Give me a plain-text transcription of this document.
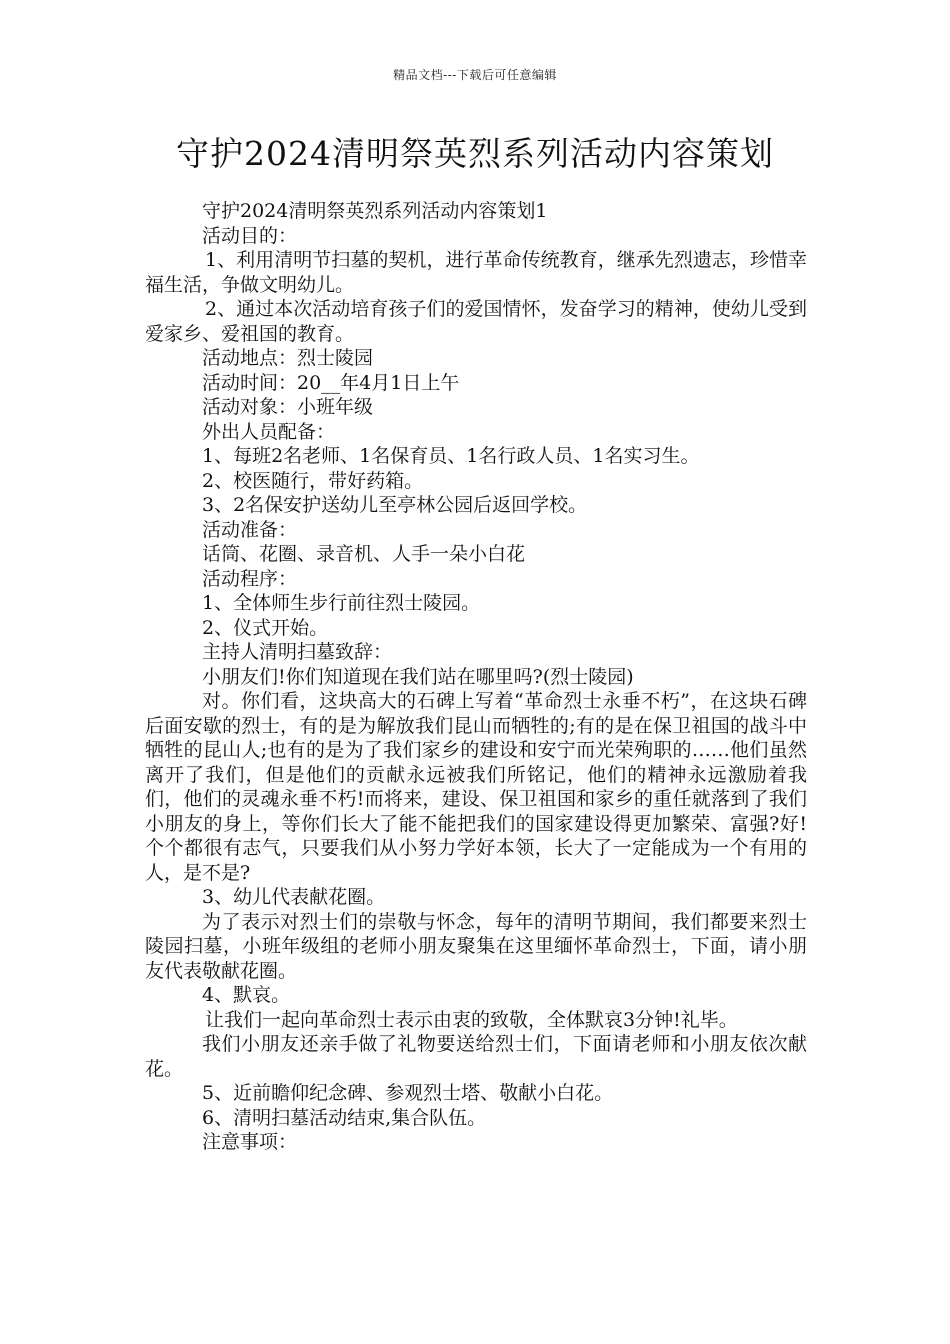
精品文档---下载后可任意编辑
守护2024清明祭英烈系列活动内容策划

守护2024清明祭英烈系列活动内容策划1

活动目的：

1、利用清明节扫墓的契机，进行革命传统教育，继承先烈遗志，珍惜幸福生活，争做文明幼儿。

2、通过本次活动培育孩子们的爱国情怀，发奋学习的精神，使幼儿受到爱家乡、爱祖国的教育。

活动地点：烈士陵园

活动时间：20__年4月1日上午

活动对象：小班年级

外出人员配备：

1、每班2名老师、1名保育员、1名行政人员、1名实习生。

2、校医随行，带好药箱。

3、2名保安护送幼儿至亭林公园后返回学校。

活动准备：

话筒、花圈、录音机、人手一朵小白花

活动程序：

1、全体师生步行前往烈士陵园。

2、仪式开始。

主持人清明扫墓致辞：

小朋友们!你们知道现在我们站在哪里吗?(烈士陵园)

对。你们看，这块高大的石碑上写着“革命烈士永垂不朽”，在这块石碑后面安歇的烈士，有的是为解放我们昆山而牺牲的;有的是在保卫祖国的战斗中牺牲的昆山人;也有的是为了我们家乡的建设和安宁而光荣殉职的……他们虽然离开了我们，但是他们的贡献永远被我们所铭记，他们的精神永远激励着我们，他们的灵魂永垂不朽!而将来，建设、保卫祖国和家乡的重任就落到了我们小朋友的身上，等你们长大了能不能把我们的国家建设得更加繁荣、富强?好!个个都很有志气，只要我们从小努力学好本领，长大了一定能成为一个有用的人，是不是?

3、幼儿代表献花圈。

为了表示对烈士们的崇敬与怀念，每年的清明节期间，我们都要来烈士陵园扫墓，小班年级组的老师小朋友聚集在这里缅怀革命烈士，下面，请小朋友代表敬献花圈。

4、默哀。

让我们一起向革命烈士表示由衷的致敬，全体默哀3分钟!礼毕。

我们小朋友还亲手做了礼物要送给烈士们，下面请老师和小朋友依次献花。

5、近前瞻仰纪念碑、参观烈士塔、敬献小白花。

6、清明扫墓活动结束,集合队伍。

注意事项：
